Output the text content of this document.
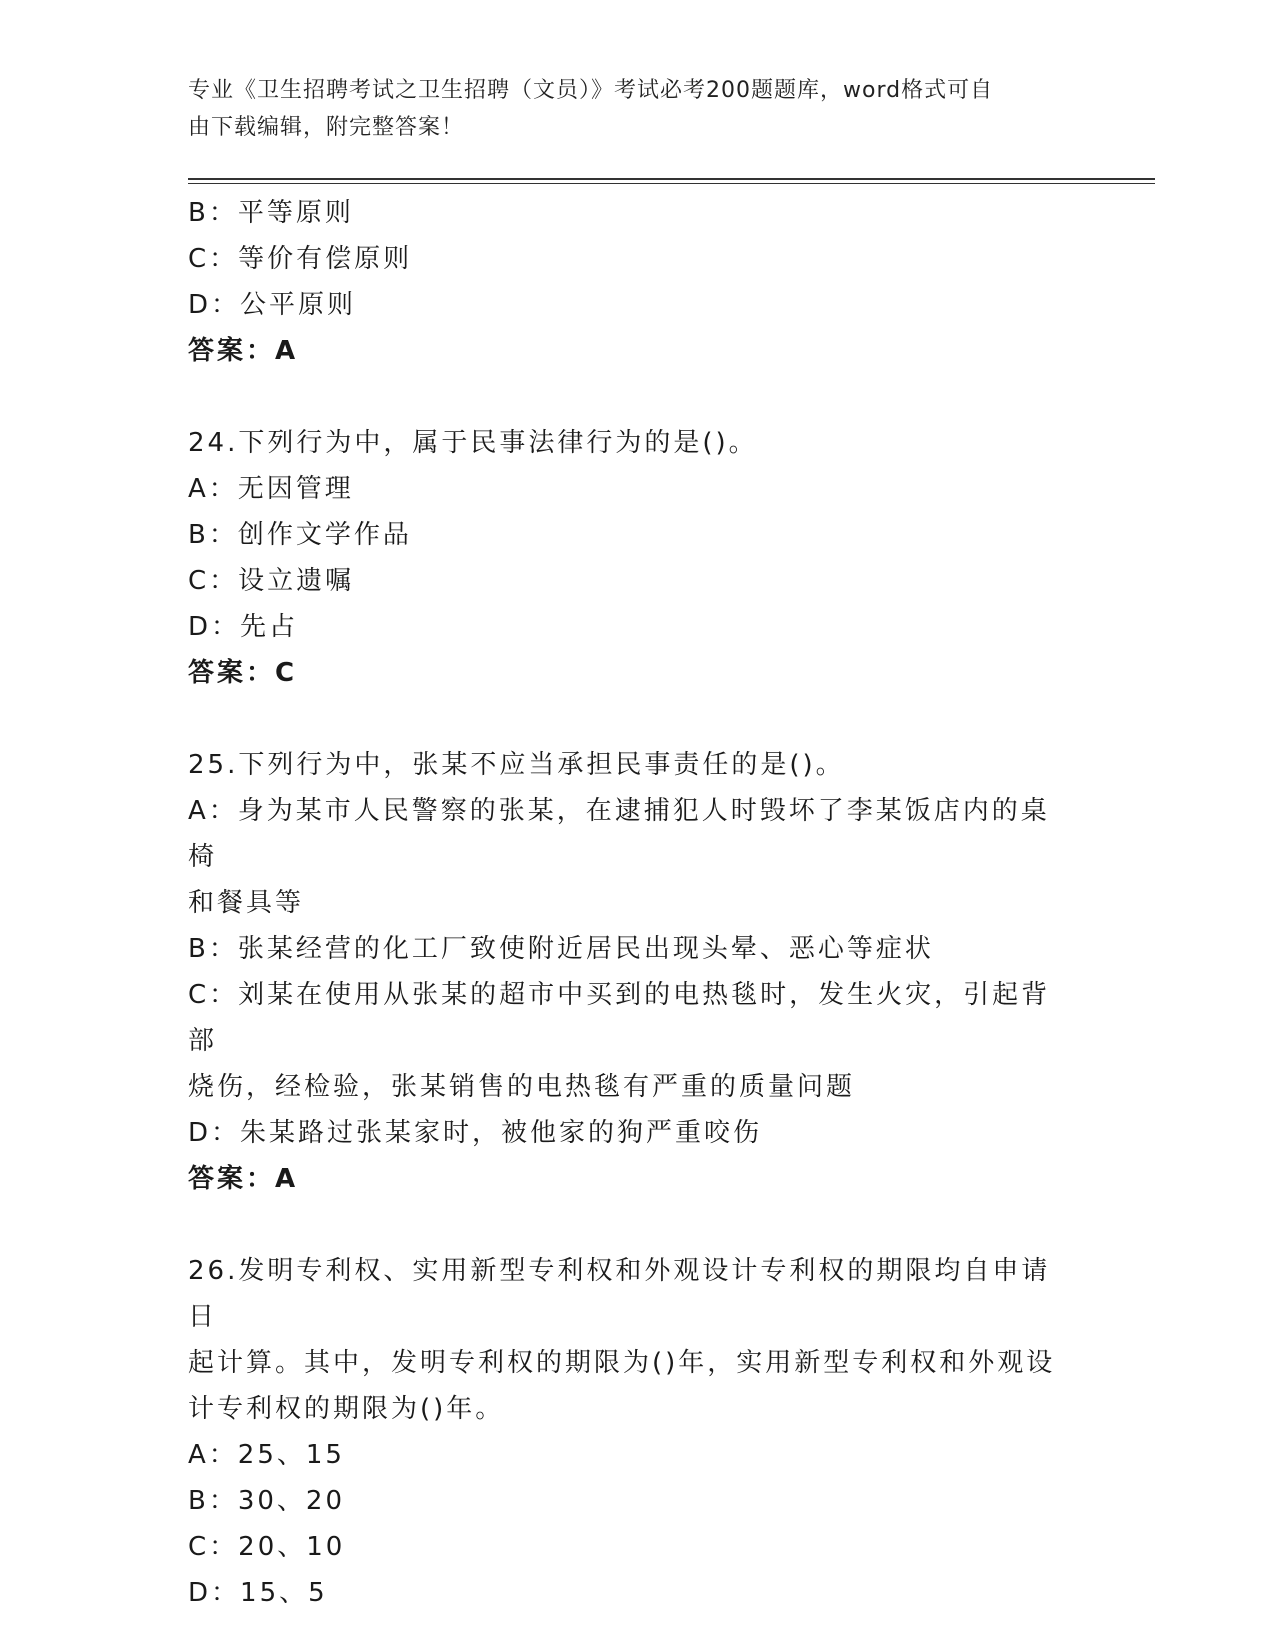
专业《卫生招聘考试之卫生招聘（文员）》考试必考200题题库，word格式可自
由下载编辑，附完整答案！

B：平等原则

C：等价有偿原则

D：公平原则

答案：A

24.下列行为中，属于民事法律行为的是()。

A：无因管理

B：创作文学作品

C：设立遗嘱

D：先占

答案：C

25.下列行为中，张某不应当承担民事责任的是()。

A：身为某市人民警察的张某，在逮捕犯人时毁坏了李某饭店内的桌椅

和餐具等

B：张某经营的化工厂致使附近居民出现头晕、恶心等症状

C：刘某在使用从张某的超市中买到的电热毯时，发生火灾，引起背部

烧伤，经检验，张某销售的电热毯有严重的质量问题

D：朱某路过张某家时，被他家的狗严重咬伤

答案：A

26.发明专利权、实用新型专利权和外观设计专利权的期限均自申请日

起计算。其中，发明专利权的期限为()年，实用新型专利权和外观设

计专利权的期限为()年。

A：25、15

B：30、20

C：20、10

D：15、5
